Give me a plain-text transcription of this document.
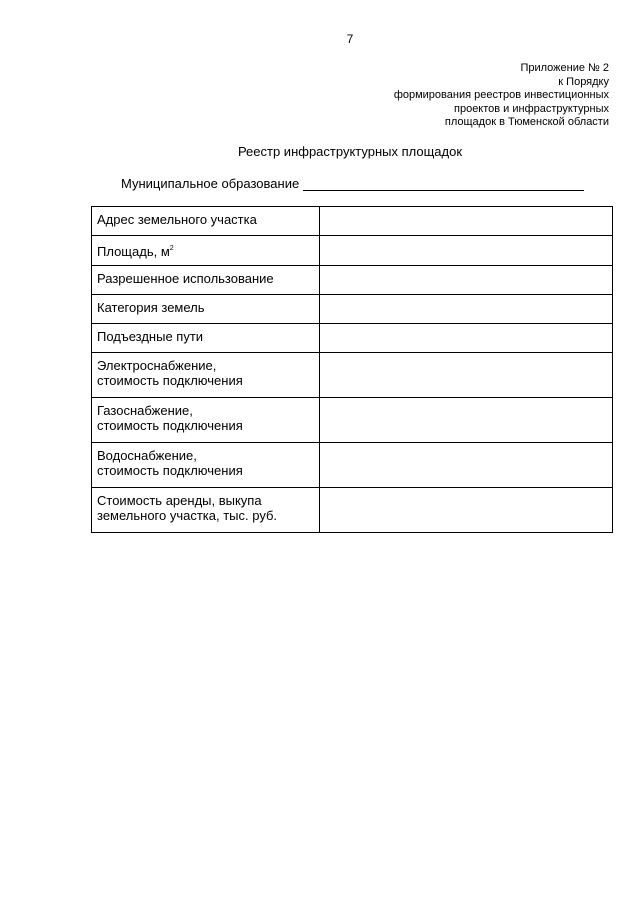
7
Приложение № 2
к Порядку
формирования реестров инвестиционных
проектов и инфраструктурных
площадок в Тюменской области
Реестр инфраструктурных площадок
Муниципальное образование
Адрес земельного участка	
Площадь, $м^2$	
Разрешенное использование	
Категория земель	
Подъездные пути	

Электроснабжение,
стоимость подключения	

Газоснабжение,
стоимость подключения	

Водоснабжение,
стоимость подключения	

Стоимость аренды, выкупа
земельного участка, тыс. руб.	
